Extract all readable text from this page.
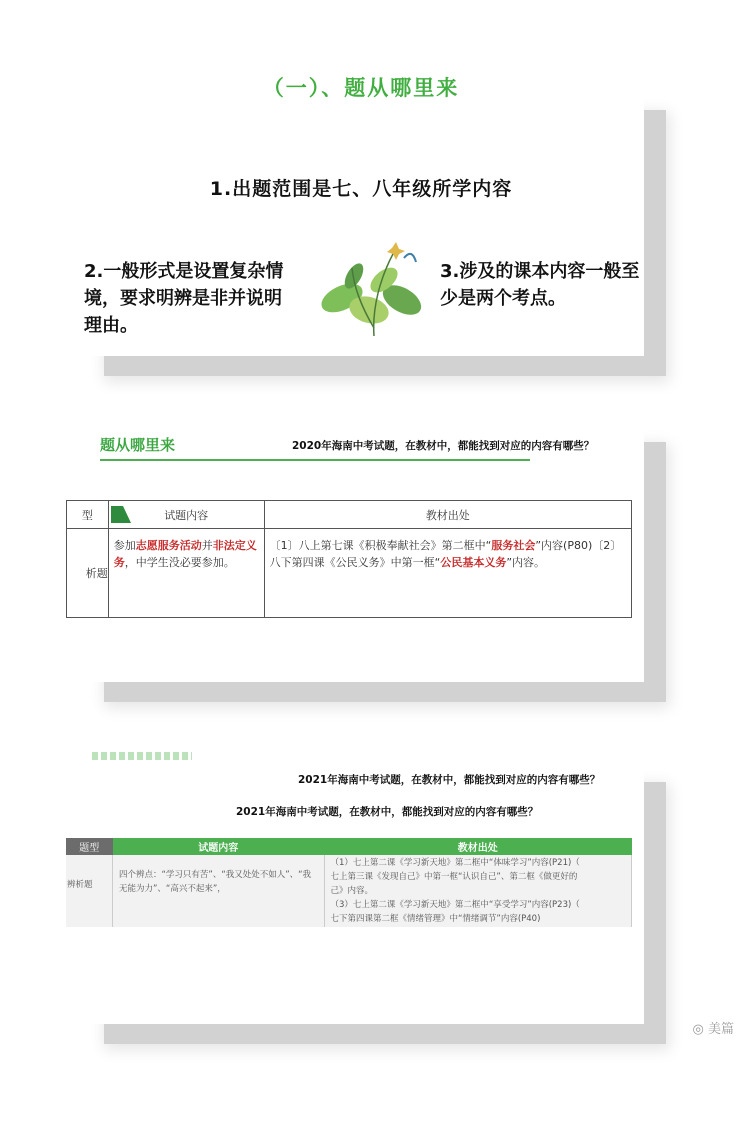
（一）、题从哪里来
1.出题范围是七、八年级所学内容
2.一般形式是设置复杂情境，要求明辨是非并说明理由。
3.涉及的课本内容一般至少是两个考点。
题从哪里来	2020年海南中考试题，在教材中，都能找到对应的内容有哪些？
型	试题内容	教材出处
析题	参加志愿服务活动并非法定义务，中学生没必要参加。	〔1〕八上第七课《积极奉献社会》第二框中“服务社会”内容(P80)〔2〕八下第四课《公民义务》中第一框“公民基本义务”内容。
2021年海南中考试题，在教材中，都能找到对应的内容有哪些？
2021年海南中考试题，在教材中，都能找到对应的内容有哪些？
题型	试题内容	教材出处

辨析题	四个辨点：“学习只有苦”、“我又处处不如人”、“我无能为力”、“高兴不起来”，	（1）七上第二课《学习新天地》第二框中“体味学习”内容(P21)（
七上第三课《发现自己》中第一框“认识自己”、第二框《做更好的
己》内容。
（3）七上第二课《学习新天地》第二框中“享受学习”内容(P23)（
七下第四课第二框《情绪管理》中“情绪调节”内容(P40)
◎ 美篇
